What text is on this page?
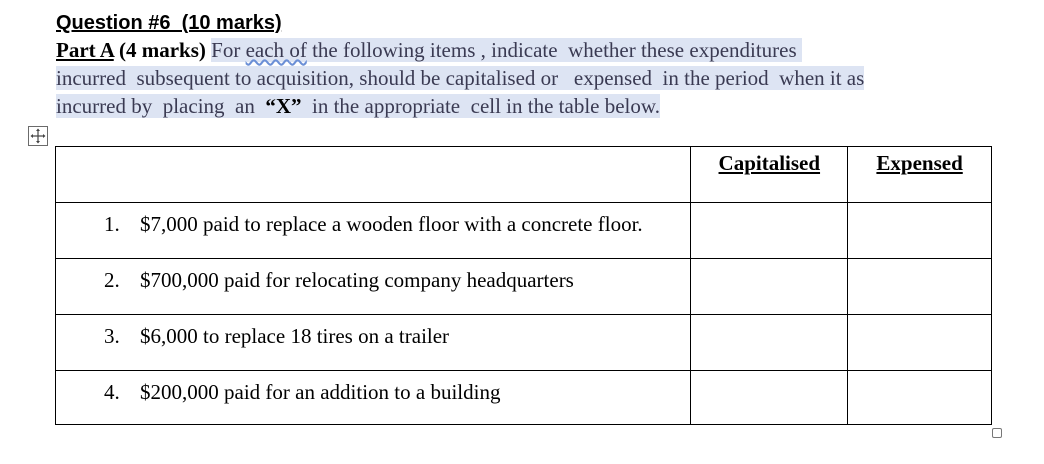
Question #6  (10 marks)

Part A (4 marks) For each of the following items , indicate  whether these expenditures
incurred  subsequent to acquisition, should be capitalised or   expensed  in the period  when it as
incurred by  placing  an  “X”  in the appropriate  cell in the table below.
	Capitalised	Expensed

1. $7,000 paid to replace a wooden floor with a concrete floor.		

2. $700,000 paid for relocating company headquarters		

3. $6,000 to replace 18 tires on a trailer		

4. $200,000 paid for an addition to a building		
